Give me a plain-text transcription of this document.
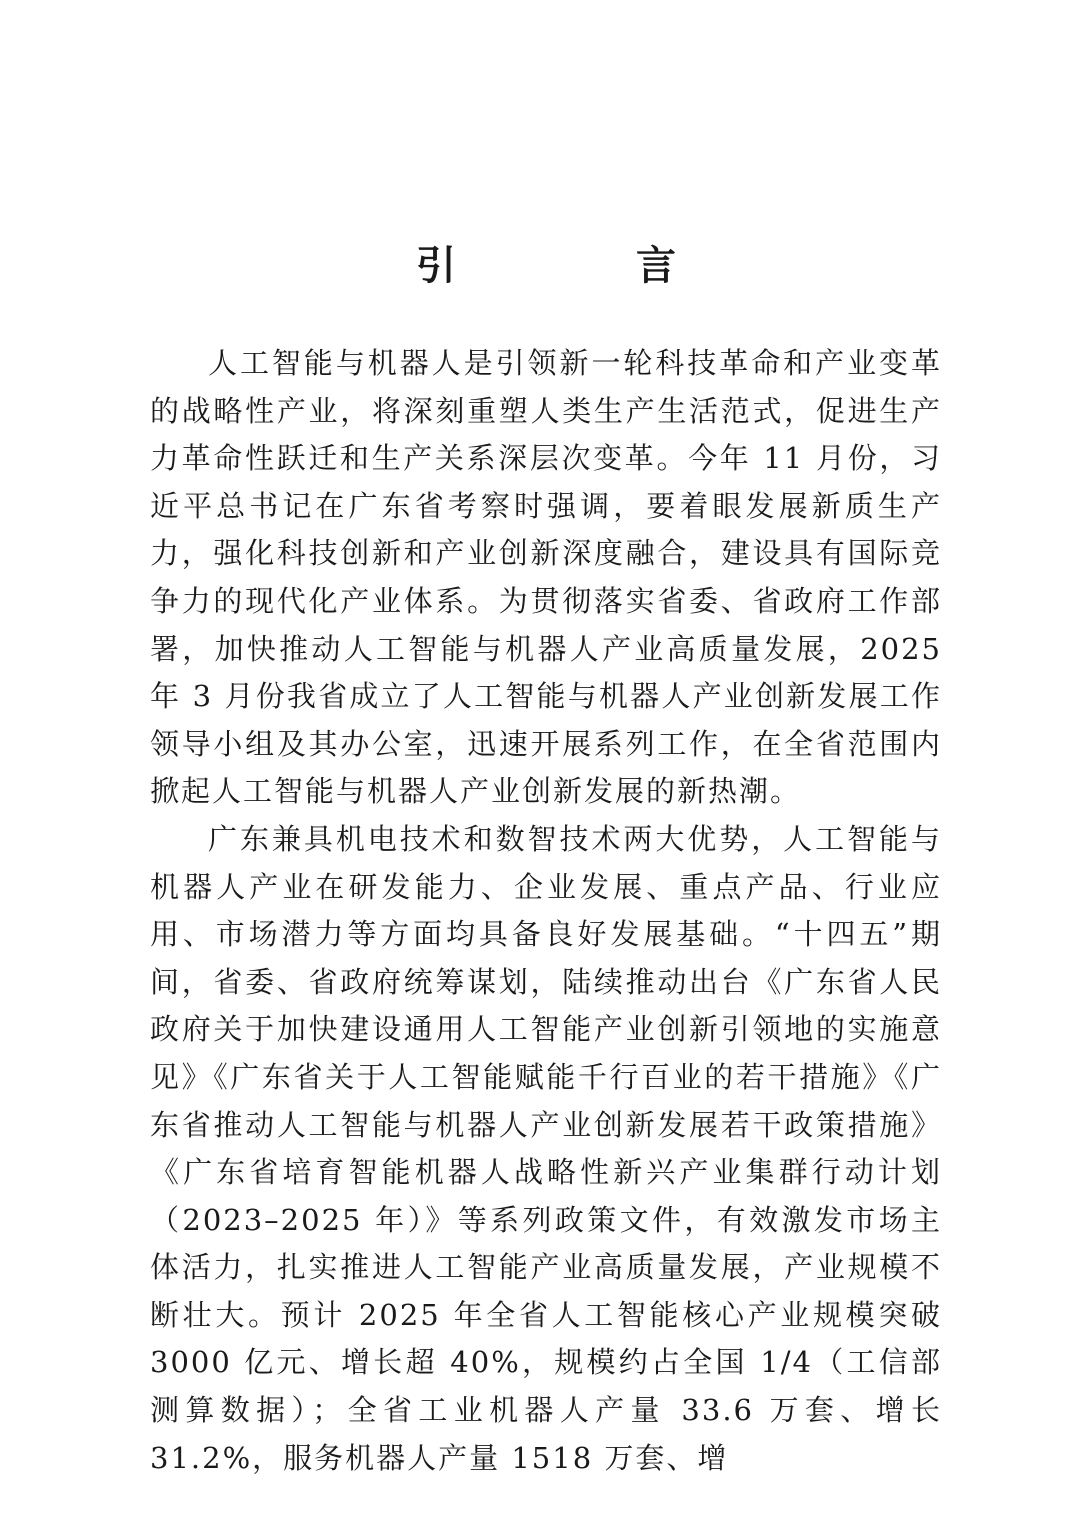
引　言

人工智能与机器人是引领新一轮科技革命和产业变革的战略性产业，将深刻重塑人类生产生活范式，促进生产力革命性跃迁和生产关系深层次变革。今年 11 月份，习近平总书记在广东省考察时强调，要着眼发展新质生产力，强化科技创新和产业创新深度融合，建设具有国际竞争力的现代化产业体系。为贯彻落实省委、省政府工作部署，加快推动人工智能与机器人产业高质量发展，2025 年 3 月份我省成立了人工智能与机器人产业创新发展工作领导小组及其办公室，迅速开展系列工作，在全省范围内掀起人工智能与机器人产业创新发展的新热潮。

广东兼具机电技术和数智技术两大优势，人工智能与机器人产业在研发能力、企业发展、重点产品、行业应用、市场潜力等方面均具备良好发展基础。“十四五”期间，省委、省政府统筹谋划，陆续推动出台《广东省人民政府关于加快建设通用人工智能产业创新引领地的实施意见》《广东省关于人工智能赋能千行百业的若干措施》《广东省推动人工智能与机器人产业创新发展若干政策措施》《广东省培育智能机器人战略性新兴产业集群行动计划（2023–2025 年）》等系列政策文件，有效激发市场主体活力，扎实推进人工智能产业高质量发展，产业规模不断壮大。预计 2025 年全省人工智能核心产业规模突破 3000 亿元、增长超 40%，规模约占全国 1/4（工信部测算数据）；全省工业机器人产量 33.6 万套、增长 31.2%，服务机器人产量 1518 万套、增
